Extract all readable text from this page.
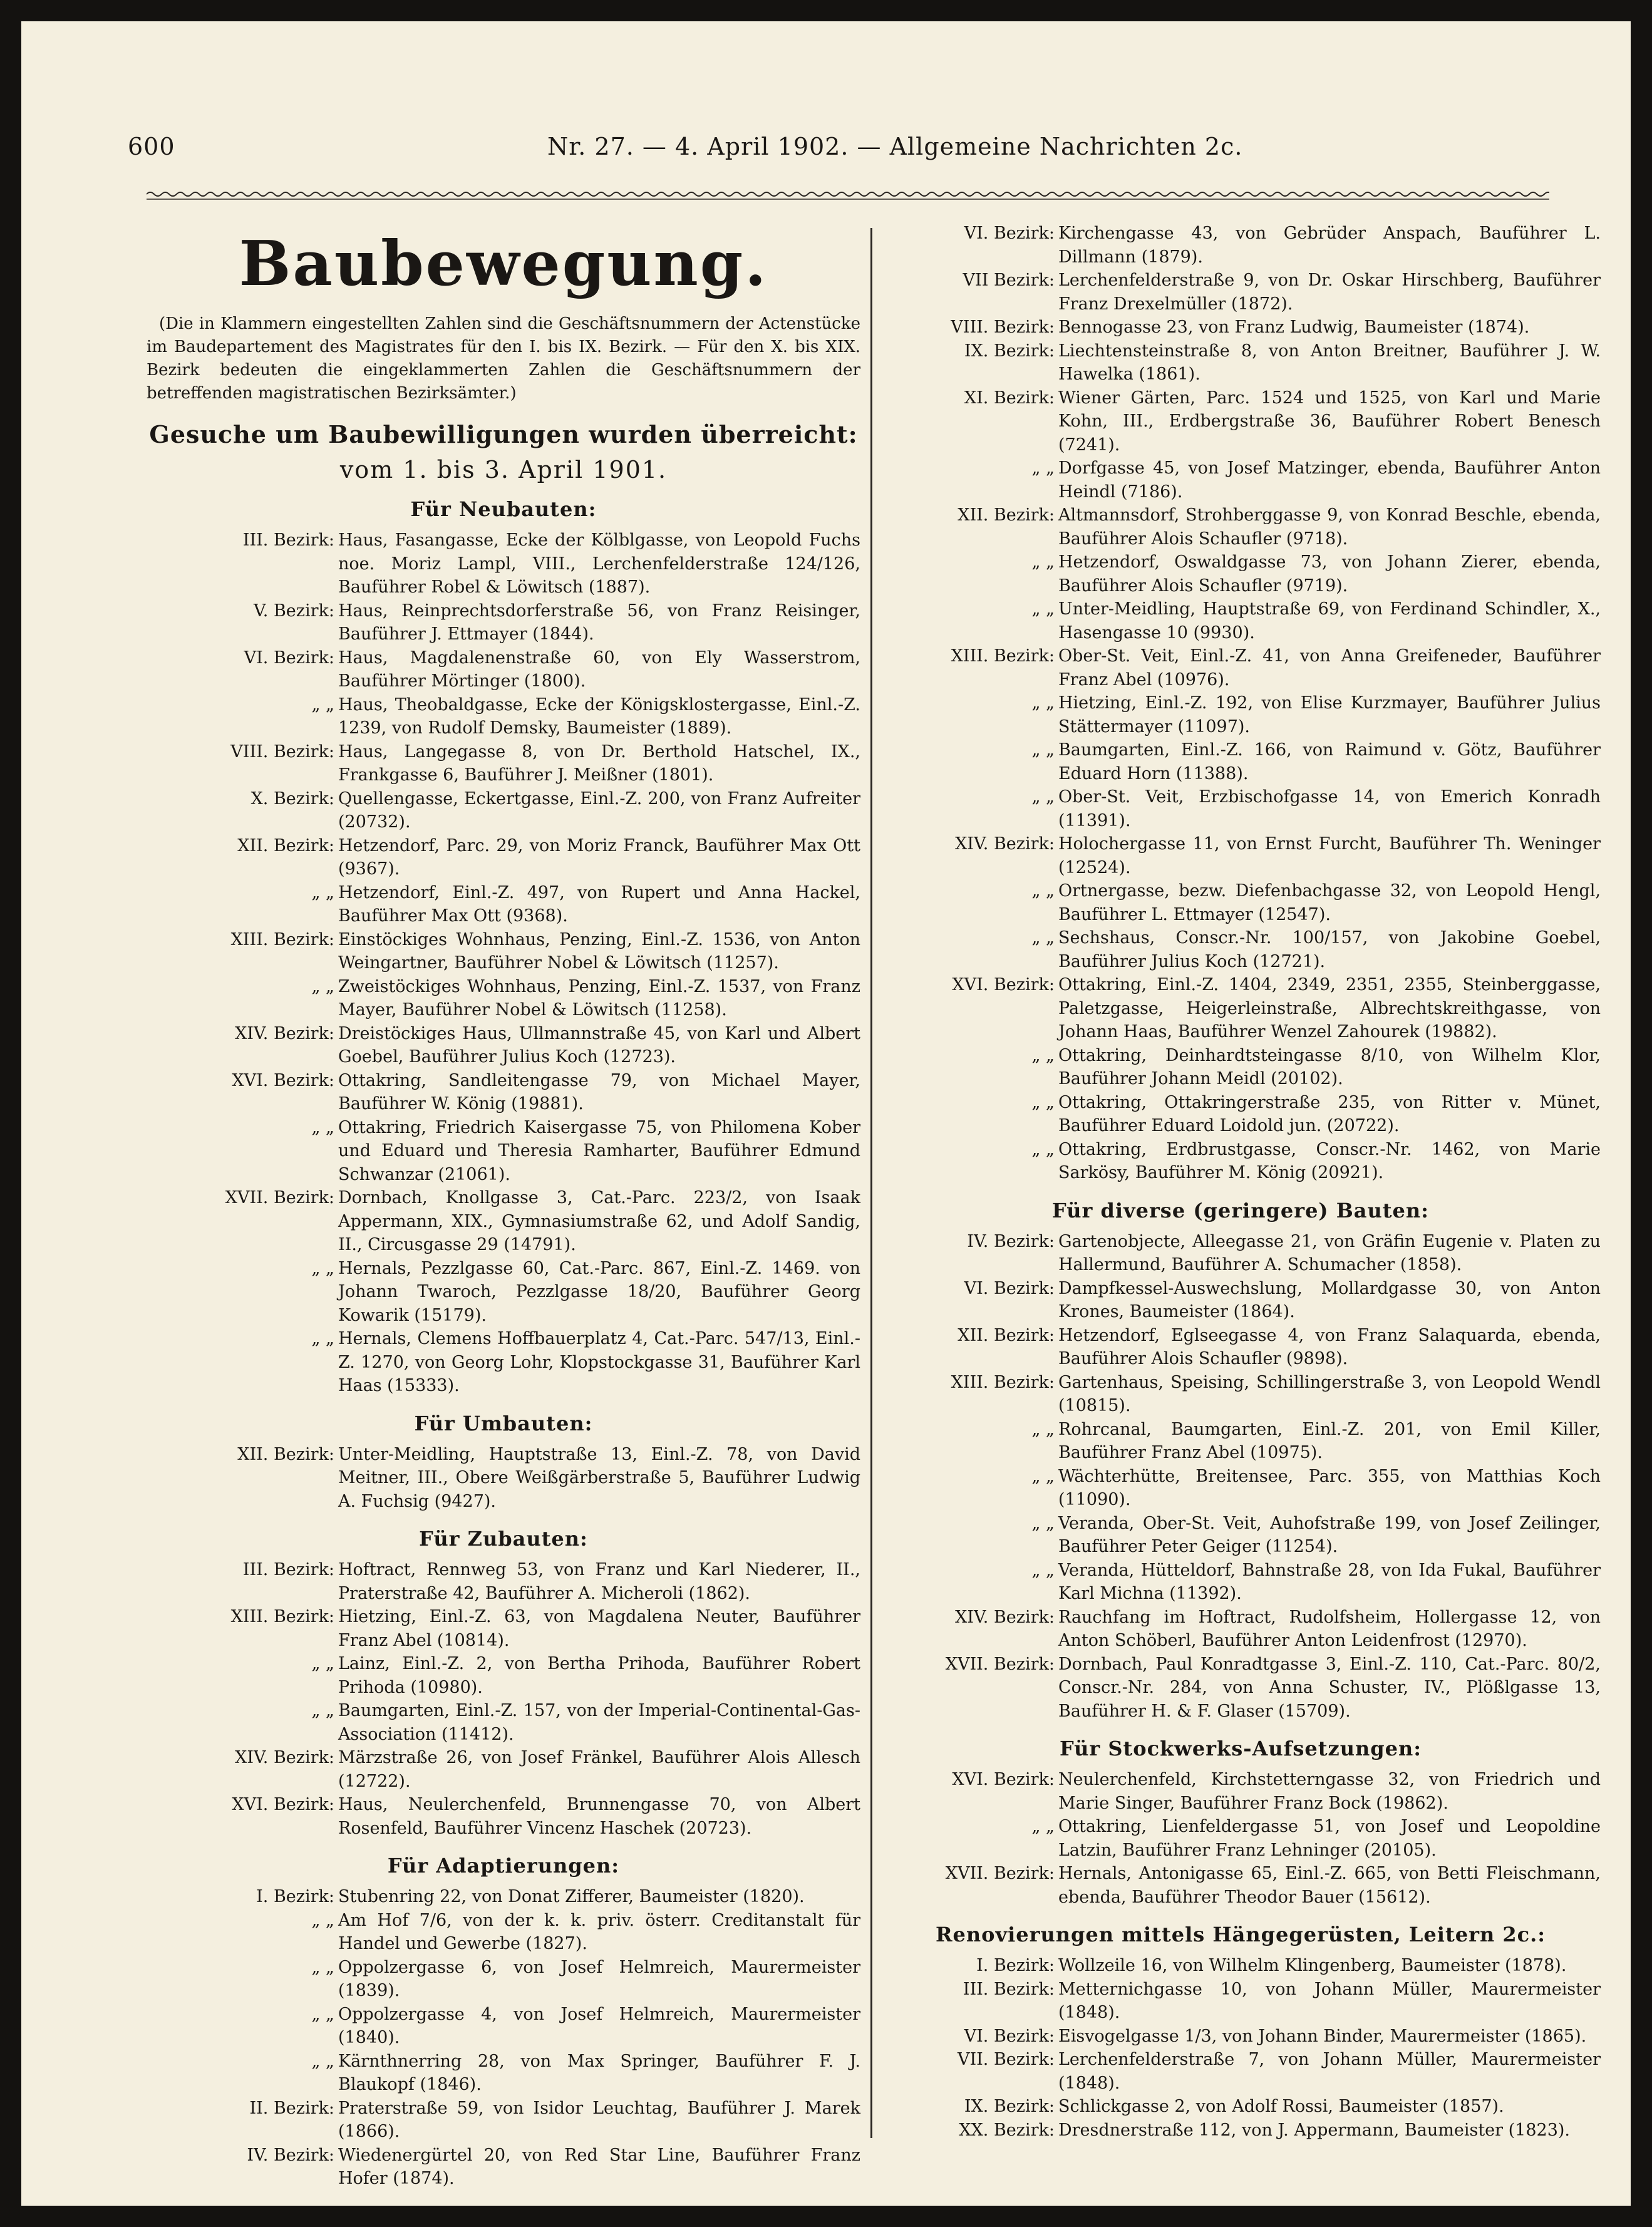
600	Nr. 27. — 4. April 1902. — Allgemeine Nachrichten 2c.
Baubewegung.
(Die in Klammern eingestellten Zahlen sind die Geschäftsnummern der Actenstücke im Baudepartement des Magistrates für den I. bis IX. Bezirk. — Für den X. bis XIX. Bezirk bedeuten die eingeklammerten Zahlen die Geschäftsnummern der betreffenden magistratischen Bezirksämter.)
Gesuche um Baubewilligungen wurden überreicht:
vom 1. bis 3. April 1901.
Für Neubauten:
III. Bezirk: Haus, Fasangasse, Ecke der Kölblgasse, von Leopold Fuchs noe. Moriz Lampl, VIII., Lerchenfelderstraße 124/126, Bauführer Robel & Löwitsch (1887).
V. Bezirk: Haus, Reinprechtsdorferstraße 56, von Franz Reisinger, Bauführer J. Ettmayer (1844).
VI. Bezirk: Haus, Magdalenenstraße 60, von Ely Wasserstrom, Bauführer Mörtinger (1800).
„ „ Haus, Theobaldgasse, Ecke der Königsklostergasse, Einl.-Z. 1239, von Rudolf Demsky, Baumeister (1889).
VIII. Bezirk: Haus, Langegasse 8, von Dr. Berthold Hatschel, IX., Frankgasse 6, Bauführer J. Meißner (1801).
X. Bezirk: Quellengasse, Eckertgasse, Einl.-Z. 200, von Franz Aufreiter (20732).
XII. Bezirk: Hetzendorf, Parc. 29, von Moriz Franck, Bauführer Max Ott (9367).
„ „ Hetzendorf, Einl.-Z. 497, von Rupert und Anna Hackel, Bauführer Max Ott (9368).
XIII. Bezirk: Einstöckiges Wohnhaus, Penzing, Einl.-Z. 1536, von Anton Weingartner, Bauführer Nobel & Löwitsch (11257).
„ „ Zweistöckiges Wohnhaus, Penzing, Einl.-Z. 1537, von Franz Mayer, Bauführer Nobel & Löwitsch (11258).
XIV. Bezirk: Dreistöckiges Haus, Ullmannstraße 45, von Karl und Albert Goebel, Bauführer Julius Koch (12723).
XVI. Bezirk: Ottakring, Sandleitengasse 79, von Michael Mayer, Bauführer W. König (19881).
„ „ Ottakring, Friedrich Kaisergasse 75, von Philomena Kober und Eduard und Theresia Ramharter, Bauführer Edmund Schwanzar (21061).
XVII. Bezirk: Dornbach, Knollgasse 3, Cat.-Parc. 223/2, von Isaak Appermann, XIX., Gymnasiumstraße 62, und Adolf Sandig, II., Circusgasse 29 (14791).
„ „ Hernals, Pezzlgasse 60, Cat.-Parc. 867, Einl.-Z. 1469. von Johann Twaroch, Pezzlgasse 18/20, Bauführer Georg Kowarik (15179).
„ „ Hernals, Clemens Hoffbauerplatz 4, Cat.-Parc. 547/13, Einl.-Z. 1270, von Georg Lohr, Klopstockgasse 31, Bauführer Karl Haas (15333).
Für Umbauten:
XII. Bezirk: Unter-Meidling, Hauptstraße 13, Einl.-Z. 78, von David Meitner, III., Obere Weißgärberstraße 5, Bauführer Ludwig A. Fuchsig (9427).
Für Zubauten:
III. Bezirk: Hoftract, Rennweg 53, von Franz und Karl Niederer, II., Praterstraße 42, Bauführer A. Micheroli (1862).
XIII. Bezirk: Hietzing, Einl.-Z. 63, von Magdalena Neuter, Bauführer Franz Abel (10814).
„ „ Lainz, Einl.-Z. 2, von Bertha Prihoda, Bauführer Robert Prihoda (10980).
„ „ Baumgarten, Einl.-Z. 157, von der Imperial-Continental-Gas-Association (11412).
XIV. Bezirk: Märzstraße 26, von Josef Fränkel, Bauführer Alois Allesch (12722).
XVI. Bezirk: Haus, Neulerchenfeld, Brunnengasse 70, von Albert Rosenfeld, Bauführer Vincenz Haschek (20723).
Für Adaptierungen:
I. Bezirk: Stubenring 22, von Donat Zifferer, Baumeister (1820).
„ „ Am Hof 7/6, von der k. k. priv. österr. Creditanstalt für Handel und Gewerbe (1827).
„ „ Oppolzergasse 6, von Josef Helmreich, Maurermeister (1839).
„ „ Oppolzergasse 4, von Josef Helmreich, Maurermeister (1840).
„ „ Kärnthnerring 28, von Max Springer, Bauführer F. J. Blaukopf (1846).
II. Bezirk: Praterstraße 59, von Isidor Leuchtag, Bauführer J. Marek (1866).
IV. Bezirk: Wiedenergürtel 20, von Red Star Line, Bauführer Franz Hofer (1874).
VI. Bezirk: Kirchengasse 43, von Gebrüder Anspach, Bauführer L. Dillmann (1879).
VII Bezirk: Lerchenfelderstraße 9, von Dr. Oskar Hirschberg, Bauführer Franz Drexelmüller (1872).
VIII. Bezirk: Bennogasse 23, von Franz Ludwig, Baumeister (1874).
IX. Bezirk: Liechtensteinstraße 8, von Anton Breitner, Bauführer J. W. Hawelka (1861).
XI. Bezirk: Wiener Gärten, Parc. 1524 und 1525, von Karl und Marie Kohn, III., Erdbergstraße 36, Bauführer Robert Benesch (7241).
„ „ Dorfgasse 45, von Josef Matzinger, ebenda, Bauführer Anton Heindl (7186).
XII. Bezirk: Altmannsdorf, Strohberggasse 9, von Konrad Beschle, ebenda, Bauführer Alois Schaufler (9718).
„ „ Hetzendorf, Oswaldgasse 73, von Johann Zierer, ebenda, Bauführer Alois Schaufler (9719).
„ „ Unter-Meidling, Hauptstraße 69, von Ferdinand Schindler, X., Hasengasse 10 (9930).
XIII. Bezirk: Ober-St. Veit, Einl.-Z. 41, von Anna Greifeneder, Bauführer Franz Abel (10976).
„ „ Hietzing, Einl.-Z. 192, von Elise Kurzmayer, Bauführer Julius Stättermayer (11097).
„ „ Baumgarten, Einl.-Z. 166, von Raimund v. Götz, Bauführer Eduard Horn (11388).
„ „ Ober-St. Veit, Erzbischofgasse 14, von Emerich Konradh (11391).
XIV. Bezirk: Holochergasse 11, von Ernst Furcht, Bauführer Th. Weninger (12524).
„ „ Ortnergasse, bezw. Diefenbachgasse 32, von Leopold Hengl, Bauführer L. Ettmayer (12547).
„ „ Sechshaus, Conscr.-Nr. 100/157, von Jakobine Goebel, Bauführer Julius Koch (12721).
XVI. Bezirk: Ottakring, Einl.-Z. 1404, 2349, 2351, 2355, Steinberggasse, Paletzgasse, Heigerleinstraße, Albrechtskreithgasse, von Johann Haas, Bauführer Wenzel Zahourek (19882).
„ „ Ottakring, Deinhardtsteingasse 8/10, von Wilhelm Klor, Bauführer Johann Meidl (20102).
„ „ Ottakring, Ottakringerstraße 235, von Ritter v. Münet, Bauführer Eduard Loidold jun. (20722).
„ „ Ottakring, Erdbrustgasse, Conscr.-Nr. 1462, von Marie Sarkösy, Bauführer M. König (20921).
Für diverse (geringere) Bauten:
IV. Bezirk: Gartenobjecte, Alleegasse 21, von Gräfin Eugenie v. Platen zu Hallermund, Bauführer A. Schumacher (1858).
VI. Bezirk: Dampfkessel-Auswechslung, Mollardgasse 30, von Anton Krones, Baumeister (1864).
XII. Bezirk: Hetzendorf, Eglseegasse 4, von Franz Salaquarda, ebenda, Bauführer Alois Schaufler (9898).
XIII. Bezirk: Gartenhaus, Speising, Schillingerstraße 3, von Leopold Wendl (10815).
„ „ Rohrcanal, Baumgarten, Einl.-Z. 201, von Emil Killer, Bauführer Franz Abel (10975).
„ „ Wächterhütte, Breitensee, Parc. 355, von Matthias Koch (11090).
„ „ Veranda, Ober-St. Veit, Auhofstraße 199, von Josef Zeilinger, Bauführer Peter Geiger (11254).
„ „ Veranda, Hütteldorf, Bahnstraße 28, von Ida Fukal, Bauführer Karl Michna (11392).
XIV. Bezirk: Rauchfang im Hoftract, Rudolfsheim, Hollergasse 12, von Anton Schöberl, Bauführer Anton Leidenfrost (12970).
XVII. Bezirk: Dornbach, Paul Konradtgasse 3, Einl.-Z. 110, Cat.-Parc. 80/2, Conscr.-Nr. 284, von Anna Schuster, IV., Plößlgasse 13, Bauführer H. & F. Glaser (15709).
Für Stockwerks-Aufsetzungen:
XVI. Bezirk: Neulerchenfeld, Kirchstetterngasse 32, von Friedrich und Marie Singer, Bauführer Franz Bock (19862).
„ „ Ottakring, Lienfeldergasse 51, von Josef und Leopoldine Latzin, Bauführer Franz Lehninger (20105).
XVII. Bezirk: Hernals, Antonigasse 65, Einl.-Z. 665, von Betti Fleischmann, ebenda, Bauführer Theodor Bauer (15612).
Renovierungen mittels Hängegerüsten, Leitern 2c.:
I. Bezirk: Wollzeile 16, von Wilhelm Klingenberg, Baumeister (1878).
III. Bezirk: Metternichgasse 10, von Johann Müller, Maurermeister (1848).
VI. Bezirk: Eisvogelgasse 1/3, von Johann Binder, Maurermeister (1865).
VII. Bezirk: Lerchenfelderstraße 7, von Johann Müller, Maurermeister (1848).
IX. Bezirk: Schlickgasse 2, von Adolf Rossi, Baumeister (1857).
XX. Bezirk: Dresdnerstraße 112, von J. Appermann, Baumeister (1823).
